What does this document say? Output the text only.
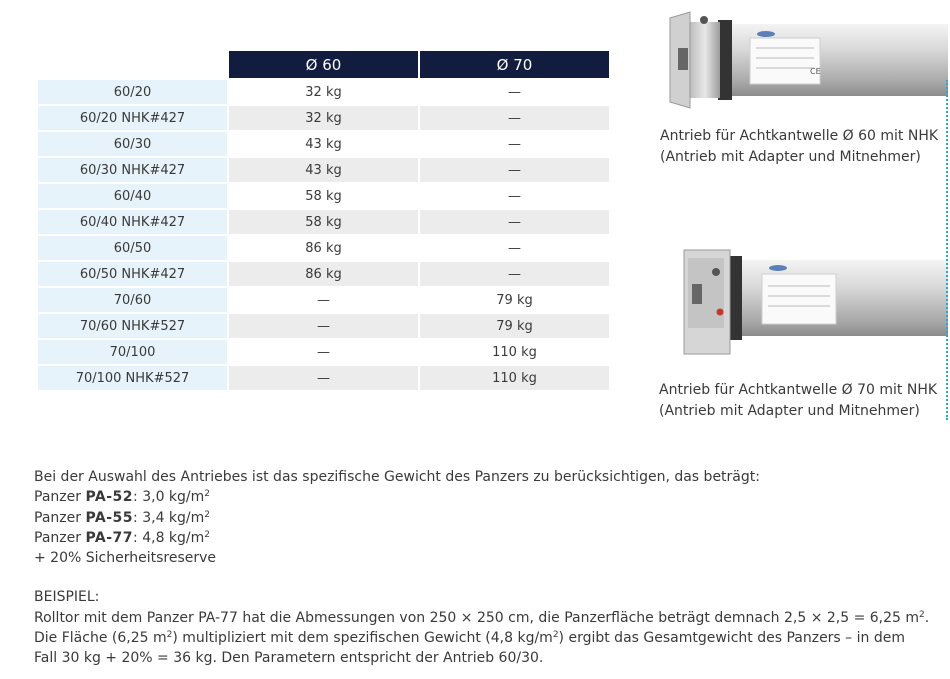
	Ø 60	Ø 70
60/20	32 kg	—
60/20 NHK#427	32 kg	—
60/30	43 kg	—
60/30 NHK#427	43 kg	—
60/40	58 kg	—
60/40 NHK#427	58 kg	—
60/50	86 kg	—
60/50 NHK#427	86 kg	—
70/60	—	79 kg
70/60 NHK#527	—	79 kg
70/100	—	110 kg
70/100 NHK#527	—	110 kg
CE
Antrieb für Achtkantwelle Ø 60 mit NHK
(Antrieb mit Adapter und Mitnehmer)
Antrieb für Achtkantwelle Ø 70 mit NHK
(Antrieb mit Adapter und Mitnehmer)

Bei der Auswahl des Antriebes ist das spezifische Gewicht des Panzers zu berücksichtigen, das beträgt:

Panzer PA-52: 3,0 $kg/m^2$

Panzer PA-55: 3,4 $kg/m^2$

Panzer PA-77: 4,8 $kg/m^2$

+ 20% Sicherheitsreserve

BEISPIEL:

Rolltor mit dem Panzer PA-77 hat die Abmessungen von 250 × 250 cm, die Panzerfläche beträgt demnach 2,5 × 2,5 = 6,25 $m^2$.

Die Fläche (6,25 $m^2$) multipliziert mit dem spezifischen Gewicht (4,8 $kg/m^2$) ergibt das Gesamtgewicht des Panzers – in dem

Fall 30 kg + 20% = 36 kg. Den Parametern entspricht der Antrieb 60/30.
